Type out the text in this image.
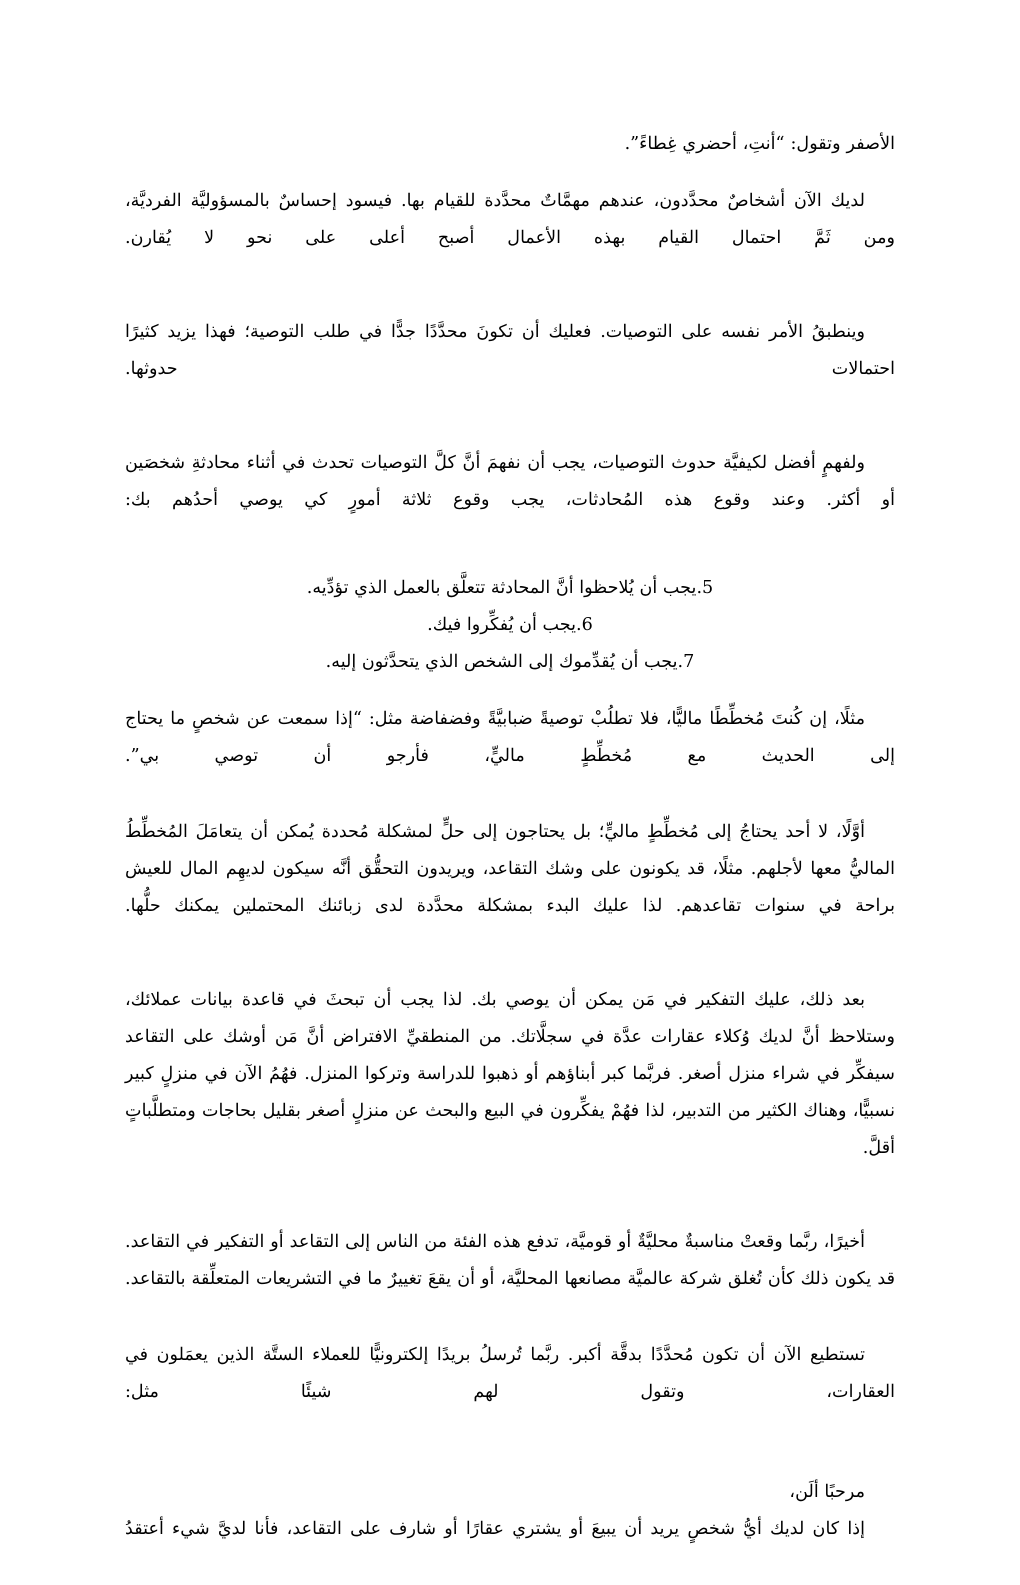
الأصفر وتقول: “أنتِ، أحضري غِطاءً”.

لديك الآن أشخاصٌ محدَّدون، عندهم مهمَّاتٌ محدَّدة للقيام بها. فيسود إحساسٌ بالمسؤوليَّة الفرديَّة، ومن ثَمَّ احتمال القيام بهذه الأعمال أصبح أعلى على نحو لا يُقارن.

وينطبقُ الأمر نفسه على التوصيات. فعليك أن تكونَ محدَّدًا جدًّا في طلب التوصية؛ فهذا يزيد كثيرًا احتمالات حدوثها.

ولفهمٍ أفضل لكيفيَّة حدوث التوصيات، يجب أن نفهمَ أنَّ كلَّ التوصيات تحدث في أثناء محادثةِ شخصَين أو أكثر. وعند وقوع هذه المُحادثات، يجب وقوع ثلاثة أمورٍ كي يوصي أحدُهم بك:

5.يجب أن يُلاحظوا أنَّ المحادثة تتعلَّق بالعمل الذي تؤدِّيه.

6.يجب أن يُفكِّروا فيك.

7.يجب أن يُقدِّموك إلى الشخص الذي يتحدَّثون إليه.

مثلًا، إن كُنتَ مُخطِّطًا ماليًّا، فلا تطلُبْ توصيةً ضبابيَّةً وفضفاضة مثل: “إذا سمعت عن شخصٍ ما يحتاج إلى الحديث مع مُخطِّطٍ ماليٍّ، فأرجو أن توصي بي”.

أوَّلًا، لا أحد يحتاجُ إلى مُخطِّطٍ ماليٍّ؛ بل يحتاجون إلى حلٍّ لمشكلة مُحددة يُمكن أن يتعامَلَ المُخطِّطُ الماليُّ معها لأجلهم. مثلًا، قد يكونون على وشك التقاعد، ويريدون التحقُّق أنَّه سيكون لديهِم المال للعيش براحة في سنوات تقاعدهم. لذا عليك البدء بمشكلة محدَّدة لدى زبائنك المحتملين يمكنك حلُّها.

بعد ذلك، عليك التفكير في مَن يمكن أن يوصي بك. لذا يجب أن تبحثَ في قاعدة بيانات عملائك، وستلاحظ أنَّ لديك وُكلاء عقارات عدَّة في سجلَّاتك. من المنطقيِّ الافتراض أنَّ مَن أوشك على التقاعد سيفكِّر في شراء منزل أصغر. فربَّما كبر أبناؤهم أو ذهبوا للدراسة وتركوا المنزل. فهُمُ الآن في منزلٍ كبير نسبيًّا، وهناك الكثير من التدبير، لذا فهُمْ يفكِّرون في البيع والبحث عن منزلٍ أصغر بقليل بحاجات ومتطلَّباتٍ أقلَّ.

أخيرًا، ربَّما وقعتْ مناسبةٌ محليَّةٌ أو قوميَّة، تدفع هذه الفئة من الناس إلى التقاعد أو التفكير في التقاعد. قد يكون ذلك كأن تُغلق شركة عالميَّة مصانعها المحليَّة، أو أن يقعَ تغييرٌ ما في التشريعات المتعلِّقة بالتقاعد.

تستطيع الآن أن تكون مُحدَّدًا بدقَّة أكبر. ربَّما تُرسلُ بريدًا إلكترونيًّا للعملاء الستَّة الذين يعمَلون في العقارات، وتقول لهم شيئًا مثل:

مرحبًا ألَن،

إذا كان لديك أيُّ شخصٍ يريد أن يبيعَ أو يشتري عقارًا أو شارف على التقاعد، فأنا لديَّ شيء أعتقدُ
